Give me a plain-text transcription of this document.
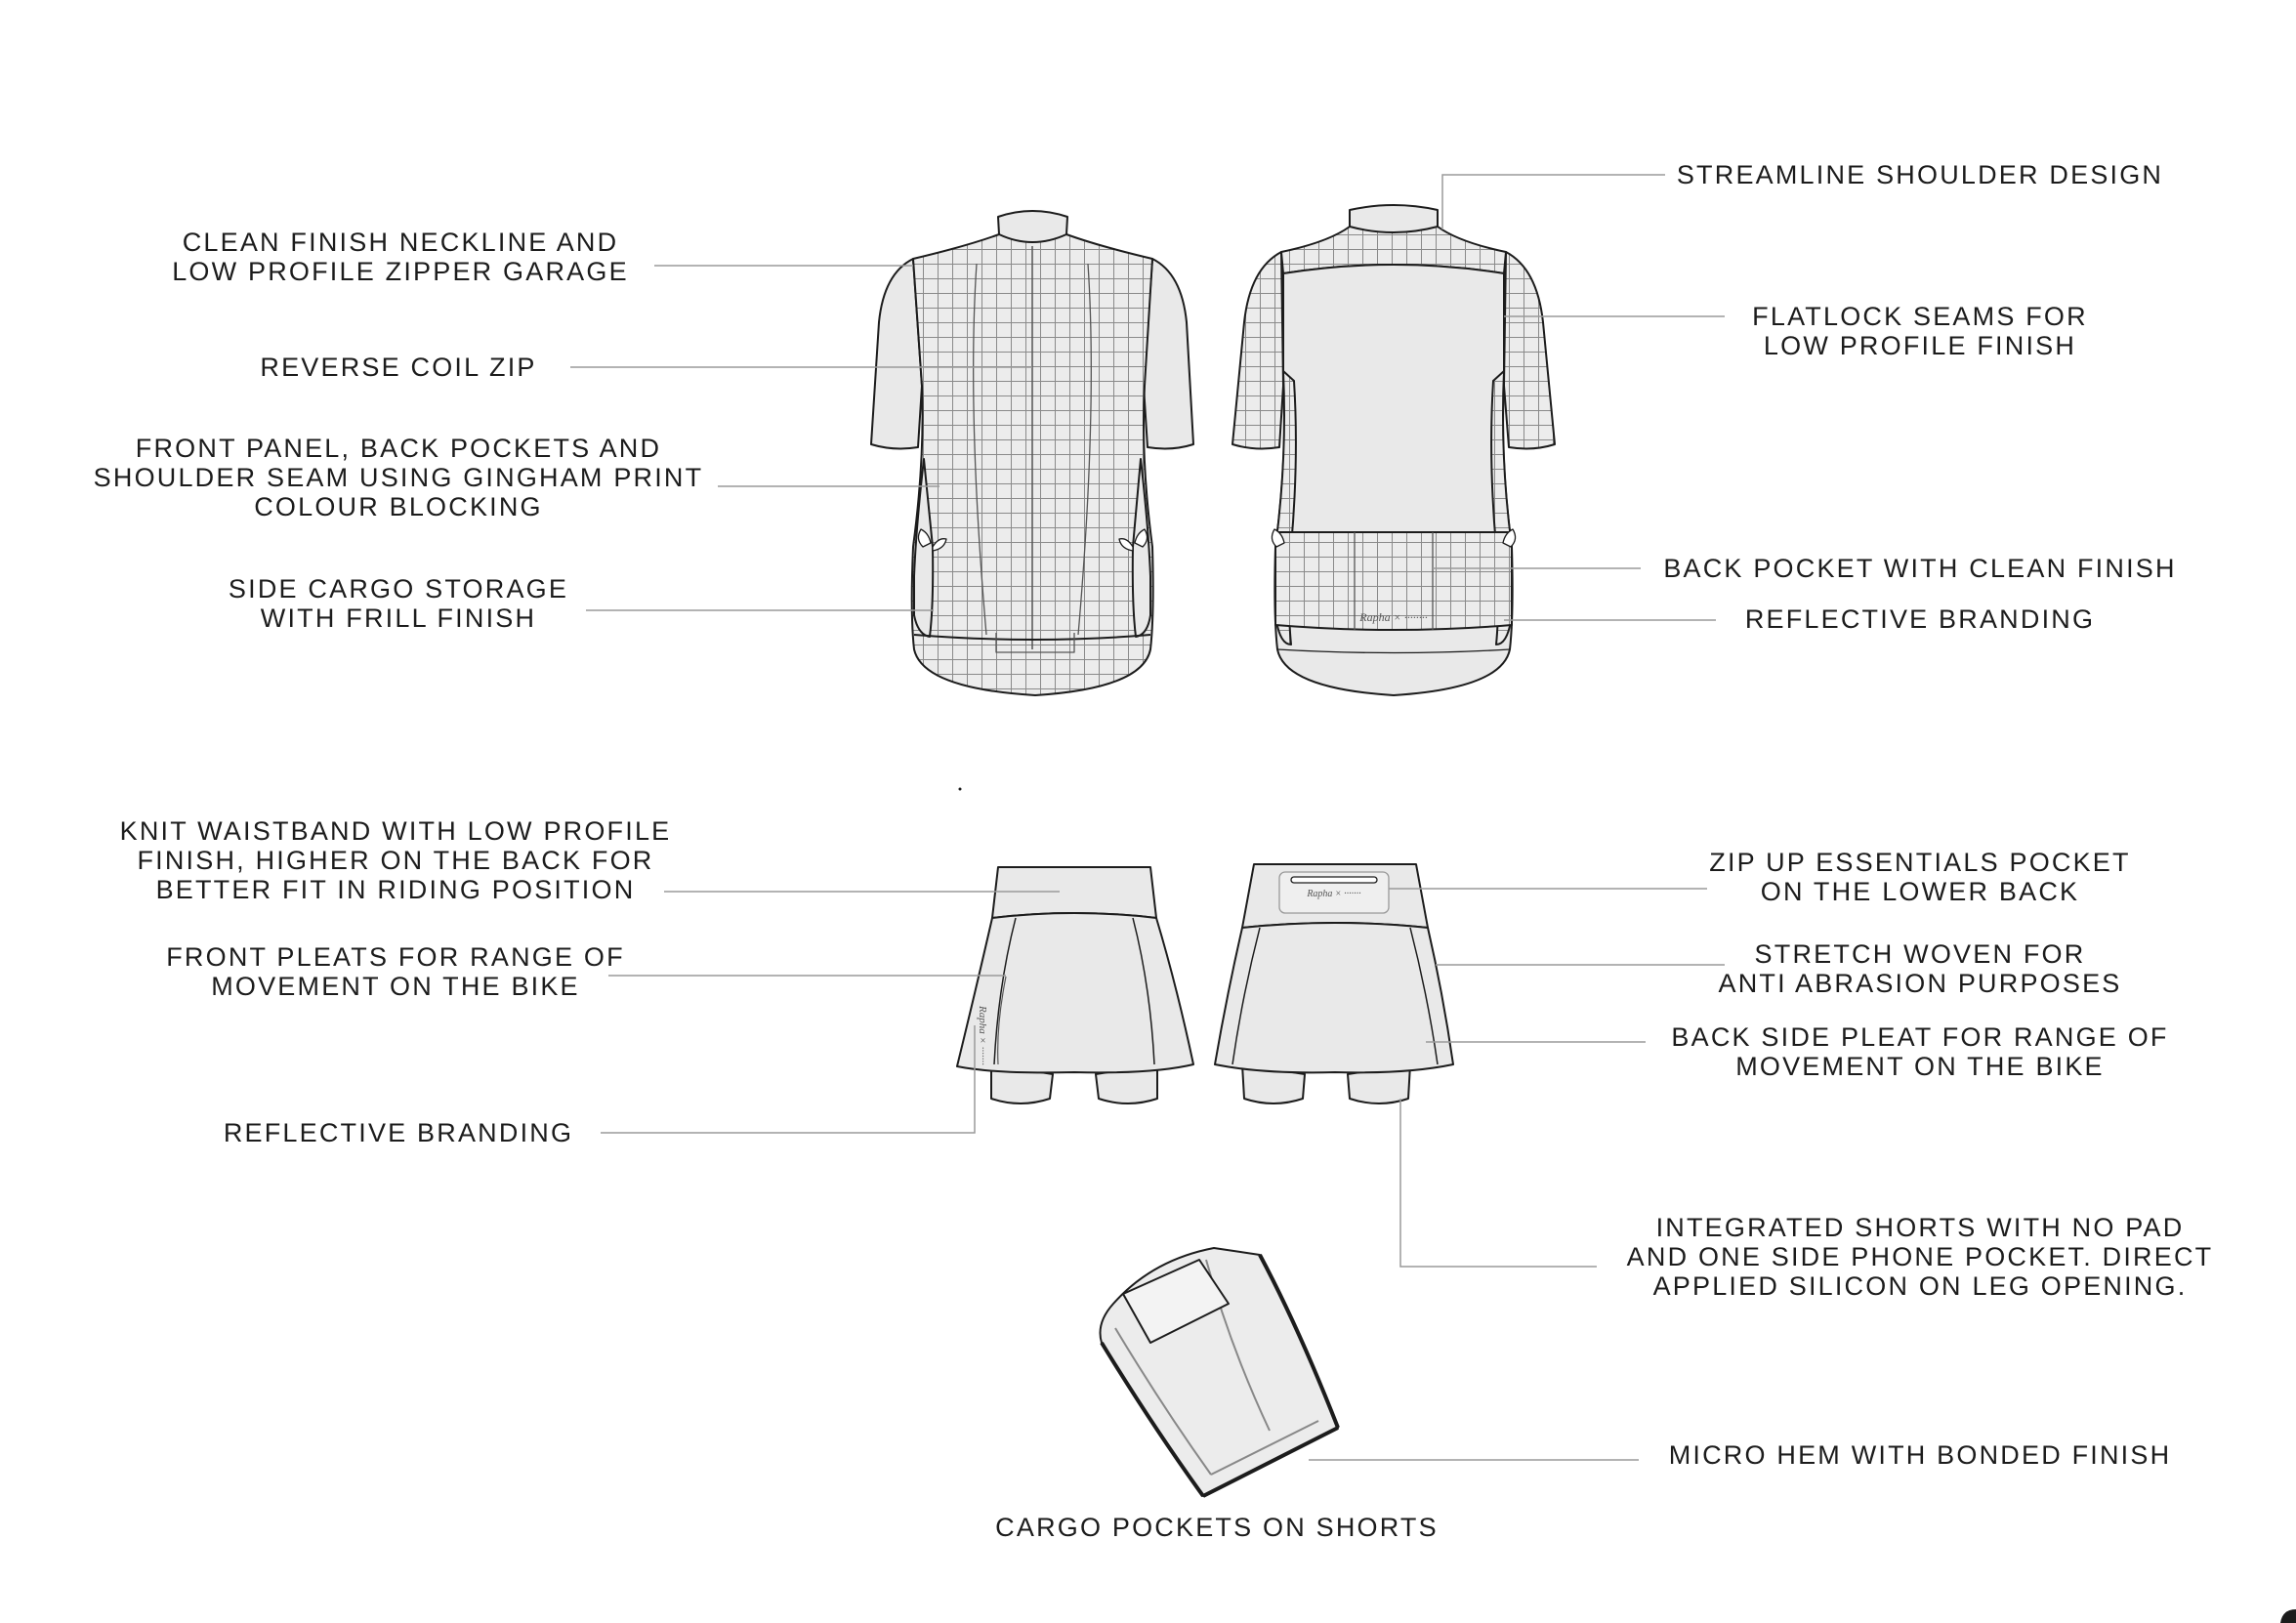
Rapha × ········
Rapha × ·······
Rapha × ·······
CLEAN FINISH NECKLINE AND
LOW PROFILE ZIPPER GARAGE
REVERSE COIL ZIP
FRONT PANEL, BACK POCKETS AND
SHOULDER SEAM USING GINGHAM PRINT
COLOUR BLOCKING
SIDE CARGO STORAGE
WITH FRILL FINISH
STREAMLINE SHOULDER DESIGN
FLATLOCK SEAMS FOR
LOW PROFILE FINISH
BACK POCKET WITH CLEAN FINISH
REFLECTIVE BRANDING
KNIT WAISTBAND WITH LOW PROFILE
FINISH, HIGHER ON THE BACK FOR
BETTER FIT IN RIDING POSITION
FRONT PLEATS FOR RANGE OF
MOVEMENT ON THE BIKE
REFLECTIVE BRANDING
ZIP UP ESSENTIALS POCKET
ON THE LOWER BACK
STRETCH WOVEN FOR
ANTI ABRASION PURPOSES
BACK SIDE PLEAT FOR RANGE OF
MOVEMENT ON THE BIKE
INTEGRATED SHORTS WITH NO PAD
AND ONE SIDE PHONE POCKET. DIRECT
APPLIED SILICON ON LEG OPENING.
MICRO HEM WITH BONDED FINISH
CARGO POCKETS ON SHORTS
